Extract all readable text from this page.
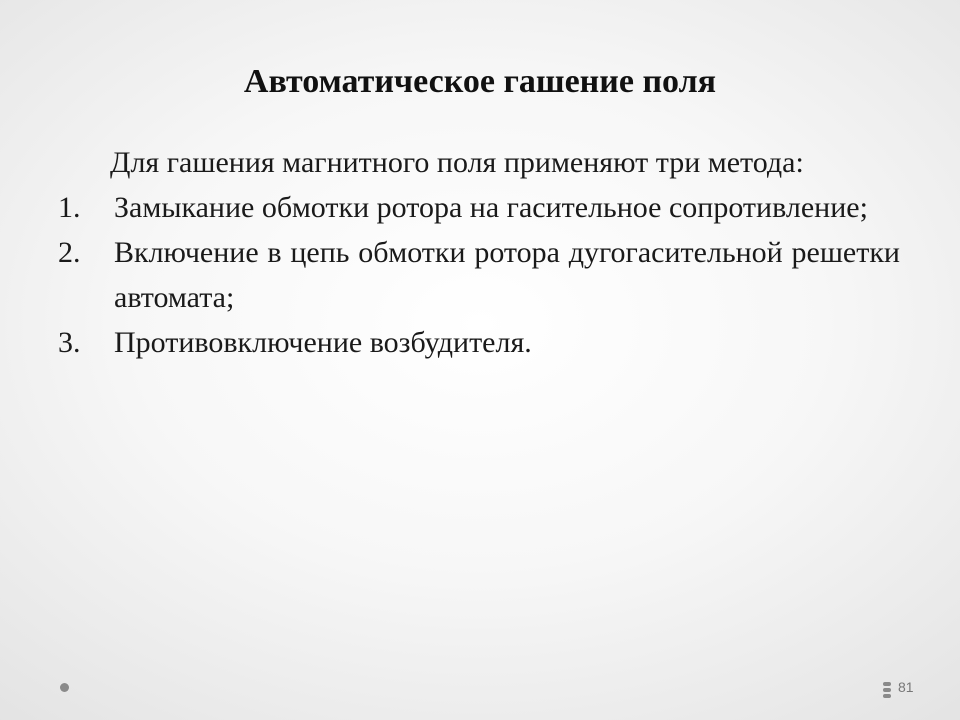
Автоматическое гашение поля

Для гашения магнитного поля применяют три метода:

1.	Замыкание обмотки ротора на гасительное сопротивление;
2.	Включение в цепь обмотки ротора дугогасительной решетки автомата;
3.	Противовключение возбудителя.
81
